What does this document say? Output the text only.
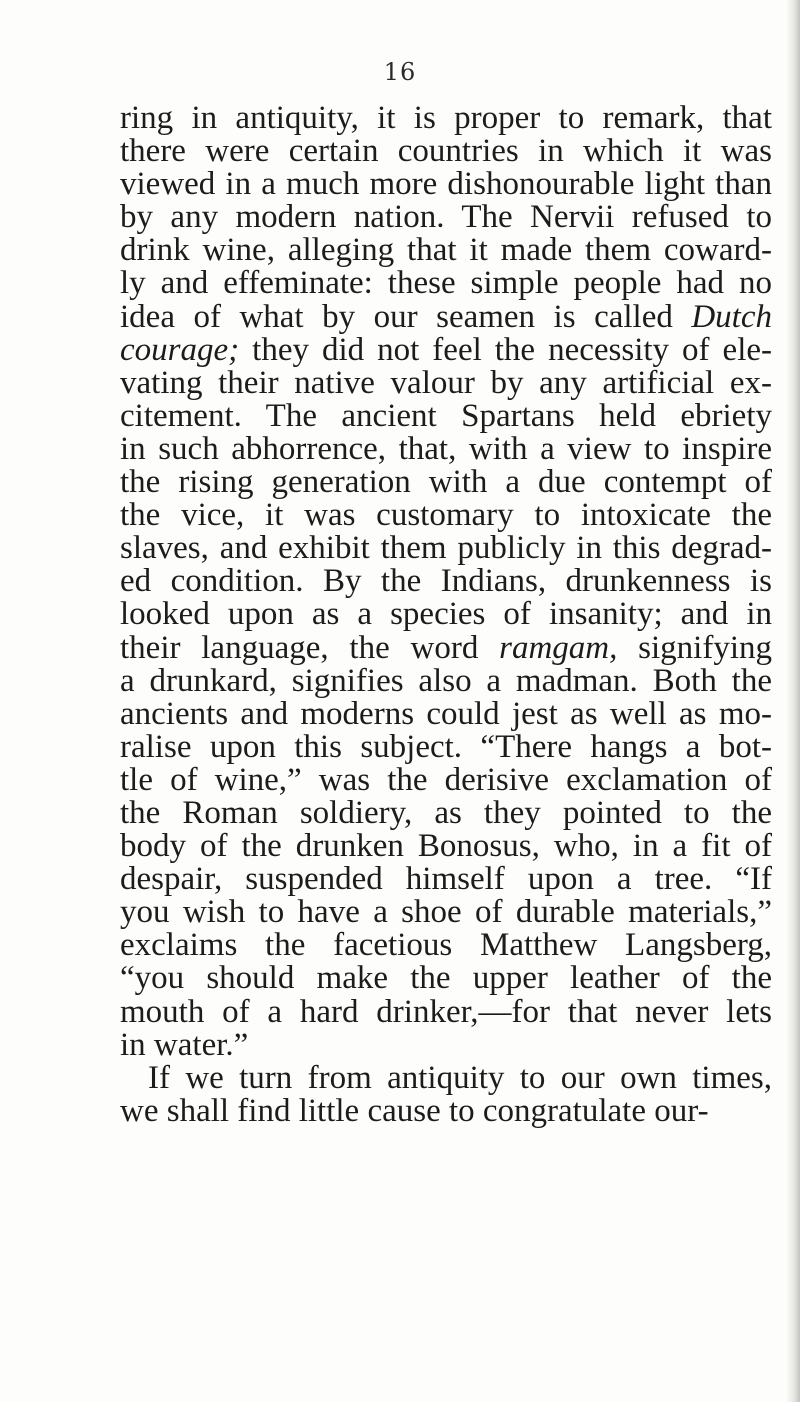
16
ring in antiquity, it is proper to remark, that
there were certain countries in which it was
viewed in a much more dishonourable light than
by any modern nation. The Nervii refused to
drink wine, alleging that it made them coward-
ly and effeminate: these simple people had no
idea of what by our seamen is called Dutch
courage; they did not feel the necessity of ele-
vating their native valour by any artificial ex-
citement. The ancient Spartans held ebriety
in such abhorrence, that, with a view to inspire
the rising generation with a due contempt of
the vice, it was customary to intoxicate the
slaves, and exhibit them publicly in this degrad-
ed condition. By the Indians, drunkenness is
looked upon as a species of insanity; and in
their language, the word ramgam, signifying
a drunkard, signifies also a madman. Both the
ancients and moderns could jest as well as mo-
ralise upon this subject. “There hangs a bot-
tle of wine,” was the derisive exclamation of
the Roman soldiery, as they pointed to the
body of the drunken Bonosus, who, in a fit of
despair, suspended himself upon a tree. “If
you wish to have a shoe of durable materials,”
exclaims the facetious Matthew Langsberg,
“you should make the upper leather of the
mouth of a hard drinker,—for that never lets
in water.”
If we turn from antiquity to our own times,
we shall find little cause to congratulate our-
